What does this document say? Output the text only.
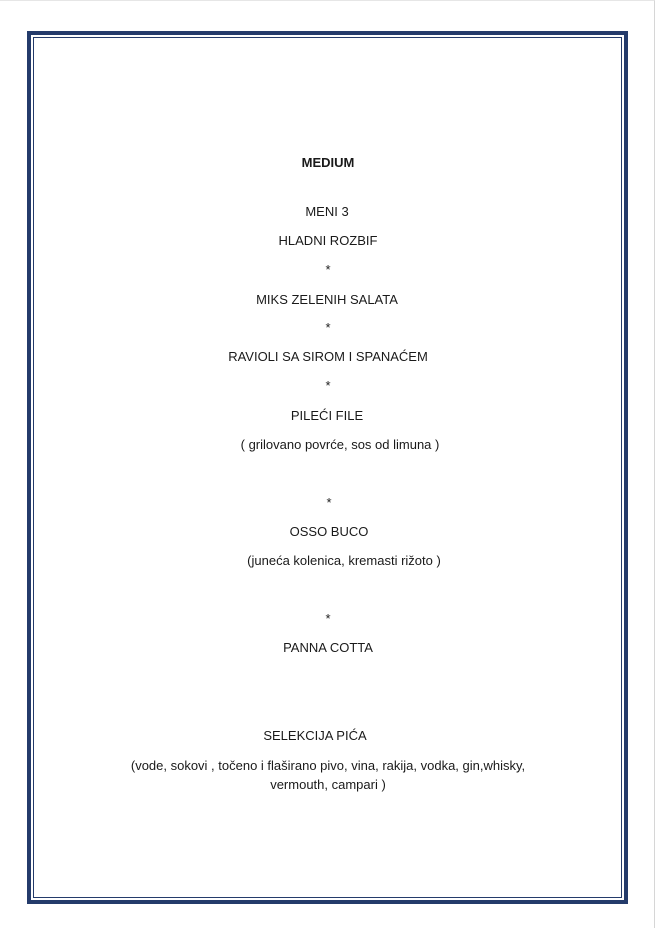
MEDIUM
MENI 3
HLADNI ROZBIF
*
MIKS ZELENIH SALATA
*
RAVIOLI SA SIROM I SPANAĆEM
*
PILEĆI FILE
( grilovano povrće, sos od limuna )
*
OSSO BUCO
(juneća kolenica, kremasti rižoto )
*
PANNA COTTA
SELEKCIJA PIĆA
(vode, sokovi , točeno i flaširano pivo, vina, rakija, vodka, gin,whisky,
vermouth, campari )
